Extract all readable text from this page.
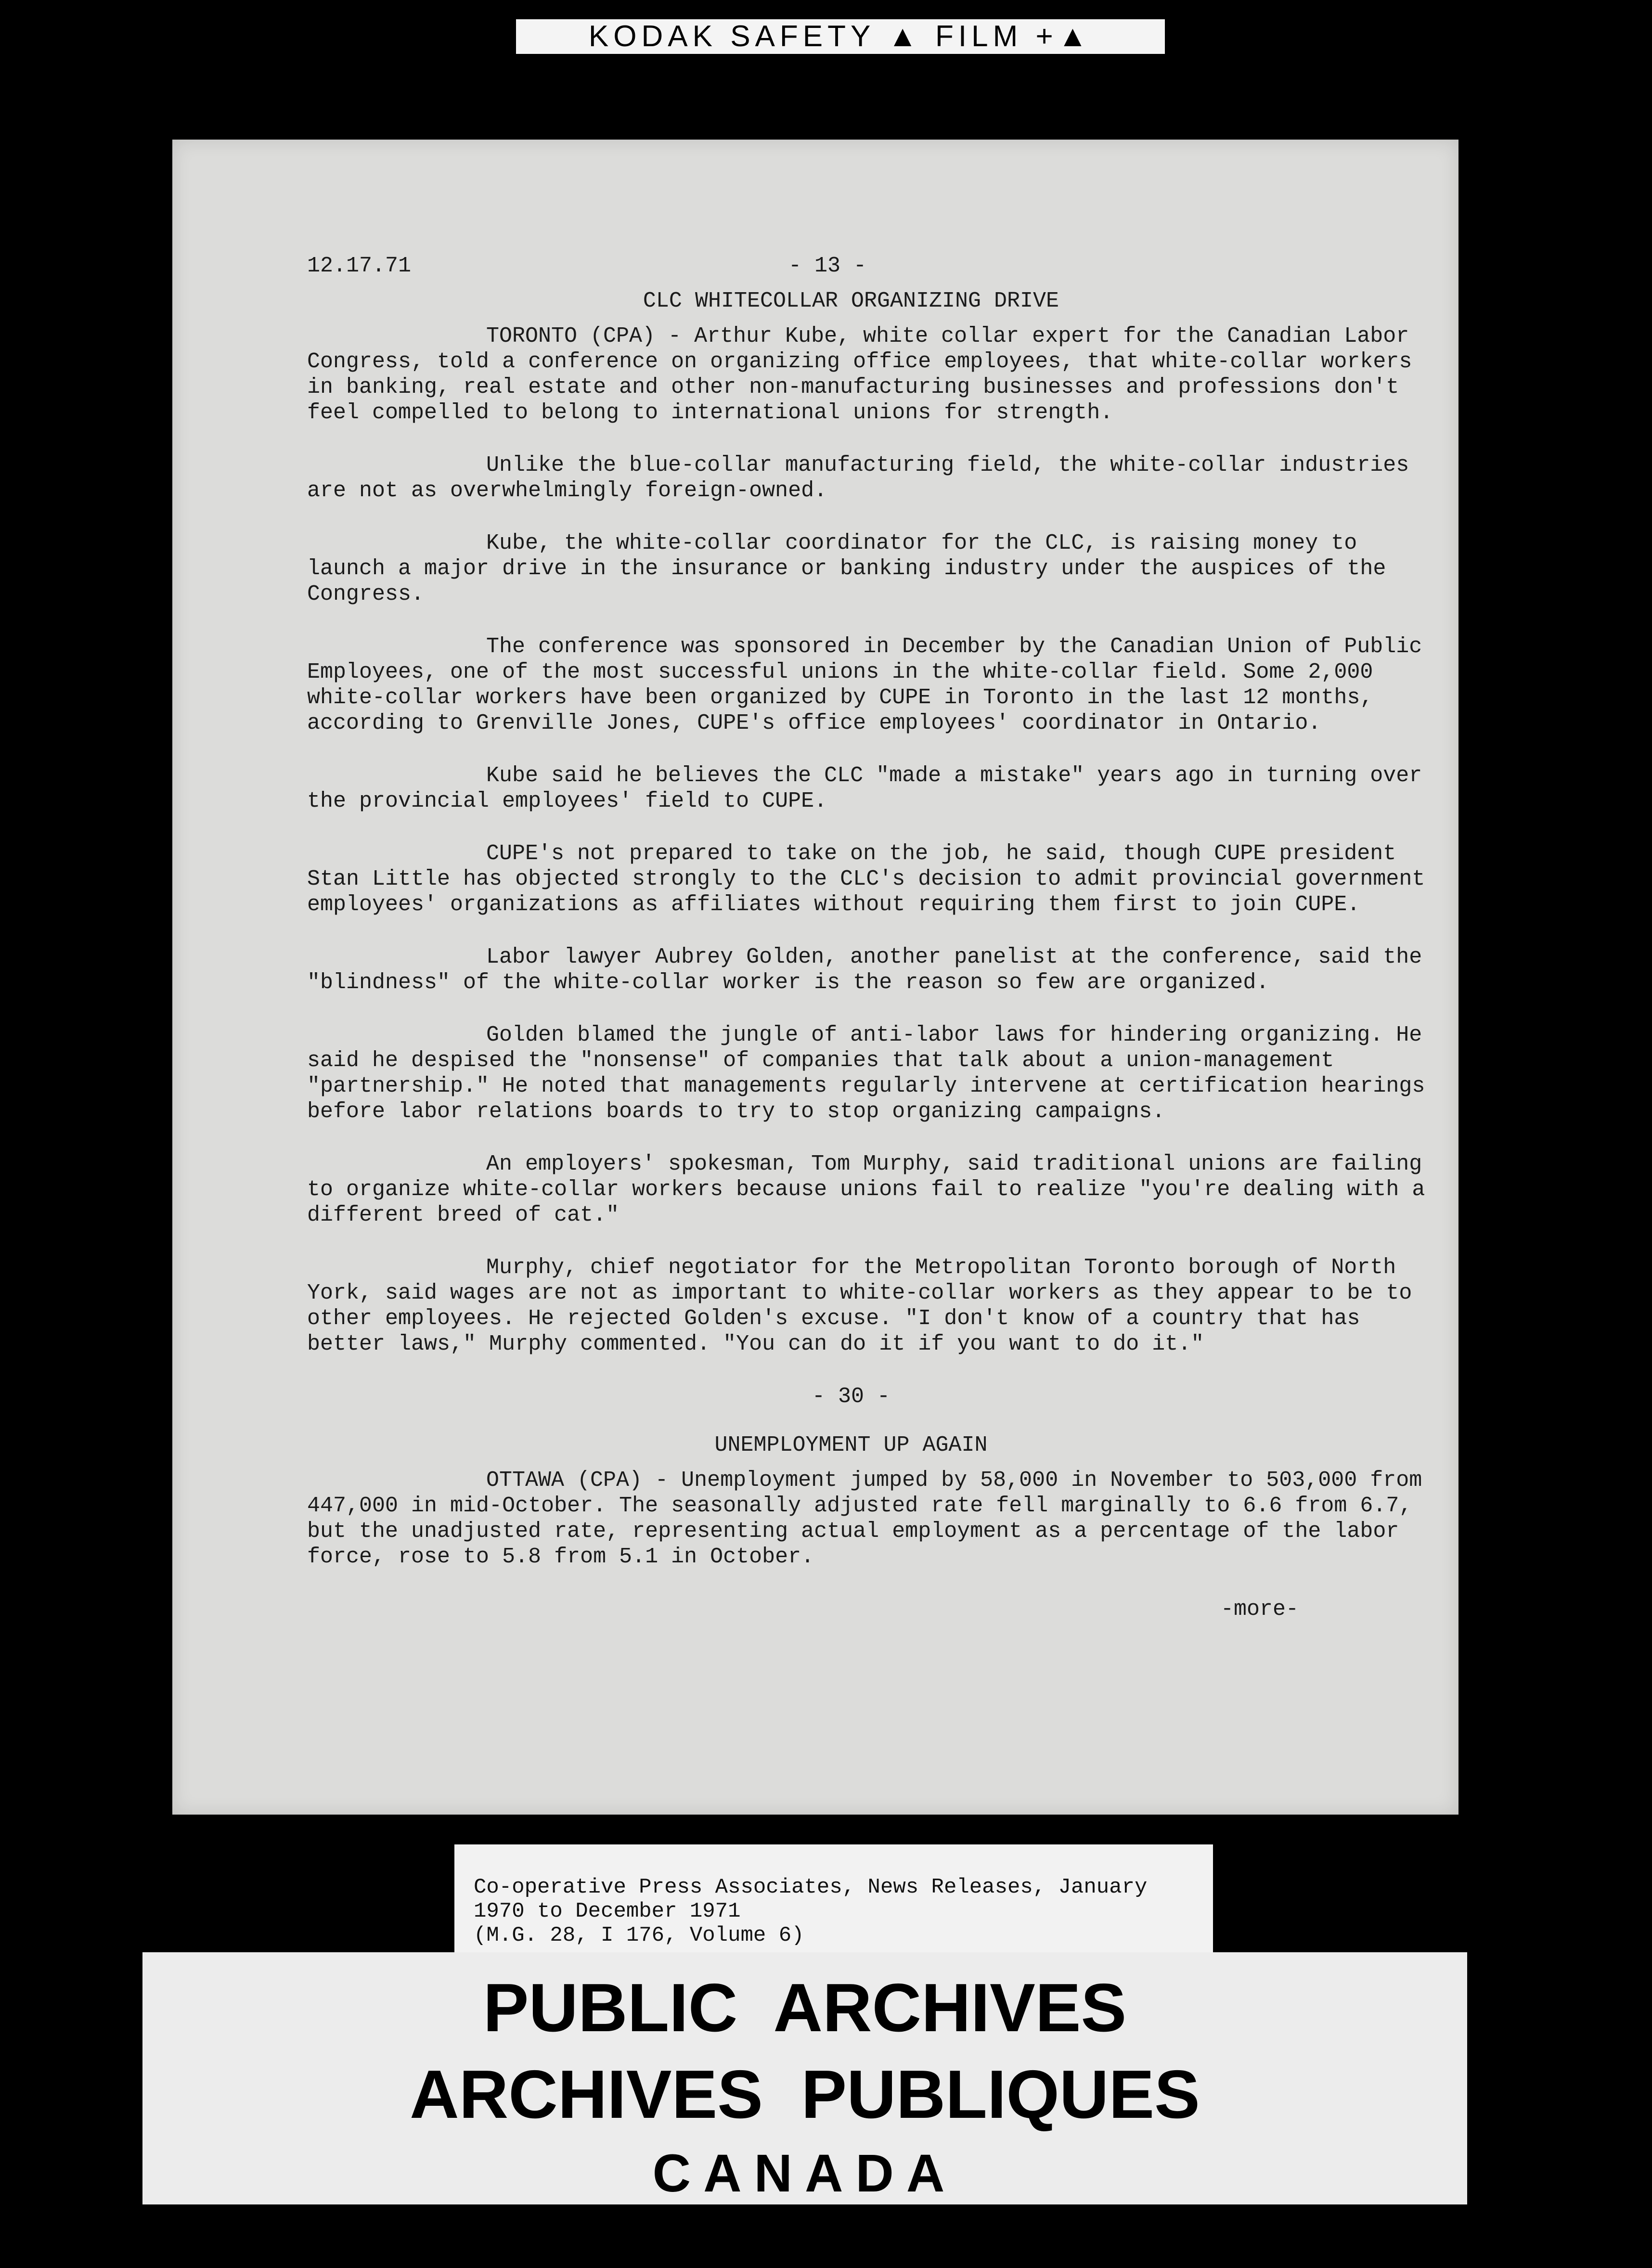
KODAK SAFETY ▲ FILM +▲
12.17.71	- 13 -
CLC WHITECOLLAR ORGANIZING DRIVE

TORONTO (CPA) - Arthur Kube, white collar expert for the Canadian Labor Congress, told a conference on organizing office employees, that white-collar workers in banking, real estate and other non-manufacturing businesses and professions don't feel compelled to belong to international unions for strength.

Unlike the blue-collar manufacturing field, the white-collar industries are not as overwhelmingly foreign-owned.

Kube, the white-collar coordinator for the CLC, is raising money to launch a major drive in the insurance or banking industry under the auspices of the Congress.

The conference was sponsored in December by the Canadian Union of Public Employees, one of the most successful unions in the white-collar field. Some 2,000 white-collar workers have been organized by CUPE in Toronto in the last 12 months, according to Grenville Jones, CUPE's office employees' coordinator in Ontario.

Kube said he believes the CLC "made a mistake" years ago in turning over the provincial employees' field to CUPE.

CUPE's not prepared to take on the job, he said, though CUPE president Stan Little has objected strongly to the CLC's decision to admit provincial government employees' organizations as affiliates without requiring them first to join CUPE.

Labor lawyer Aubrey Golden, another panelist at the conference, said the "blindness" of the white-collar worker is the reason so few are organized.

Golden blamed the jungle of anti-labor laws for hindering organizing. He said he despised the "nonsense" of companies that talk about a union-management "partnership." He noted that managements regularly intervene at certification hearings before labor relations boards to try to stop organizing campaigns.

An employers' spokesman, Tom Murphy, said traditional unions are failing to organize white-collar workers because unions fail to realize "you're dealing with a different breed of cat."

Murphy, chief negotiator for the Metropolitan Toronto borough of North York, said wages are not as important to white-collar workers as they appear to be to other employees. He rejected Golden's excuse. "I don't know of a country that has better laws," Murphy commented. "You can do it if you want to do it."

- 30 -
UNEMPLOYMENT UP AGAIN

OTTAWA (CPA) - Unemployment jumped by 58,000 in November to 503,000 from 447,000 in mid-October. The seasonally adjusted rate fell marginally to 6.6 from 6.7, but the unadjusted rate, representing actual employment as a percentage of the labor force, rose to 5.8 from 5.1 in October.

-more-
Co-operative Press Associates, News Releases, January
1970 to December 1971
(M.G. 28, I 176, Volume 6)
PUBLIC ARCHIVES
ARCHIVES PUBLIQUES
CANADA
